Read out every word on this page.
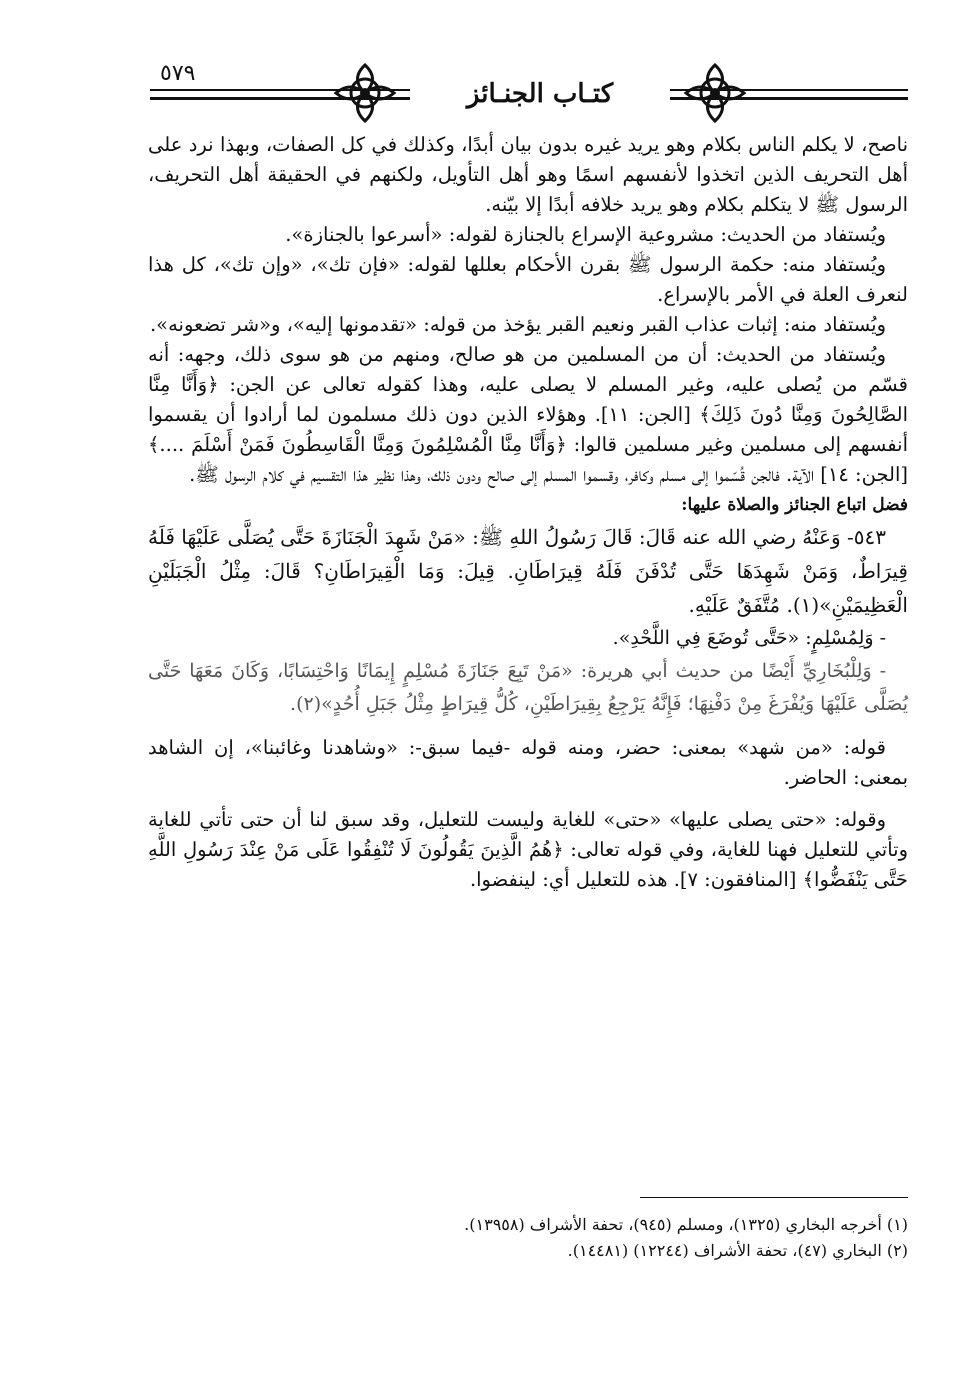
٥٧٩
كتـاب الجنـائز

ناصح، لا يكلم الناس بكلام وهو يريد غيره بدون بيان أبدًا، وكذلك في كل الصفات، وبهذا نرد على أهل التحريف الذين اتخذوا لأنفسهم اسمًا وهو أهل التأويل، ولكنهم في الحقيقة أهل التحريف، الرسول ﷺ لا يتكلم بكلام وهو يريد خلافه أبدًا إلا بيّنه.

ويُستفاد من الحديث: مشروعية الإسراع بالجنازة لقوله: «أسرعوا بالجنازة».

ويُستفاد منه: حكمة الرسول ﷺ بقرن الأحكام بعللها لقوله: «فإن تك»، «وإن تك»، كل هذا لنعرف العلة في الأمر بالإسراع.

ويُستفاد منه: إثبات عذاب القبر ونعيم القبر يؤخذ من قوله: «تقدمونها إليه»، و«شر تضعونه».

ويُستفاد من الحديث: أن من المسلمين من هو صالح، ومنهم من هو سوى ذلك، وجهه: أنه قسّم من يُصلى عليه، وغير المسلم لا يصلى عليه، وهذا كقوله تعالى عن الجن: ﴿وَأَنَّا مِنَّا الصَّالِحُونَ وَمِنَّا دُونَ ذَلِكَ﴾ [الجن: ١١]. وهؤلاء الذين دون ذلك مسلمون لما أرادوا أن يقسموا أنفسهم إلى مسلمين وغير مسلمين قالوا: ﴿وَأَنَّا مِنَّا الْمُسْلِمُونَ وَمِنَّا الْقَاسِطُونَ فَمَنْ أَسْلَمَ ....﴾ [الجن: ١٤] الآية. فالجن قُسّموا إلى مسلم وكافر، وقسموا المسلم إلى صالح ودون ذلك، وهذا نظير هذا التقسيم في كلام الرسول ﷺ.

فضل اتباع الجنائز والصلاة عليها:

٥٤٣- وَعَنْهُ رضي الله عنه قَالَ: قَالَ رَسُولُ اللهِ ﷺ: «مَنْ شَهِدَ الْجَنَازَةَ حَتَّى يُصَلَّى عَلَيْهَا فَلَهُ قِيرَاطٌ، وَمَنْ شَهِدَهَا حَتَّى تُدْفَنَ فَلَهُ قِيرَاطَانِ. قِيلَ: وَمَا الْقِيرَاطَانِ؟ قَالَ: مِثْلُ الْجَبَلَيْنِ الْعَظِيمَيْنِ»(١). مُتَّفَقٌ عَلَيْهِ.

- وَلِمُسْلِمٍ: «حَتَّى تُوضَعَ فِي اللَّحْدِ».

- وَلِلْبُخَارِيِّ أَيْضًا من حديث أبي هريرة: «مَنْ تَبِعَ جَنَازَةَ مُسْلِمٍ إِيمَانًا وَاحْتِسَابًا، وَكَانَ مَعَهَا حَتَّى يُصَلَّى عَلَيْهَا وَيُفْرَغَ مِنْ دَفْنِهَا؛ فَإِنَّهُ يَرْجِعُ بِقِيرَاطَيْنِ، كُلُّ قِيرَاطٍ مِثْلُ جَبَلِ أُحُدٍ»(٢).

قوله: «من شهد» بمعنى: حضر، ومنه قوله -فيما سبق-: «وشاهدنا وغائبنا»، إن الشاهد بمعنى: الحاضر.

وقوله: «حتى يصلى عليها» «حتى» للغاية وليست للتعليل، وقد سبق لنا أن حتى تأتي للغاية وتأتي للتعليل فهنا للغاية، وفي قوله تعالى: ﴿هُمُ الَّذِينَ يَقُولُونَ لَا تُنْفِقُوا عَلَى مَنْ عِنْدَ رَسُولِ اللَّهِ حَتَّى يَنْفَضُّوا﴾ [المنافقون: ٧]. هذه للتعليل أي: لينفضوا.

(١) أخرجه البخاري (١٣٢٥)، ومسلم (٩٤٥)، تحفة الأشراف (١٣٩٥٨).

(٢) البخاري (٤٧)، تحفة الأشراف (١٢٢٤٤) (١٤٤٨١).
